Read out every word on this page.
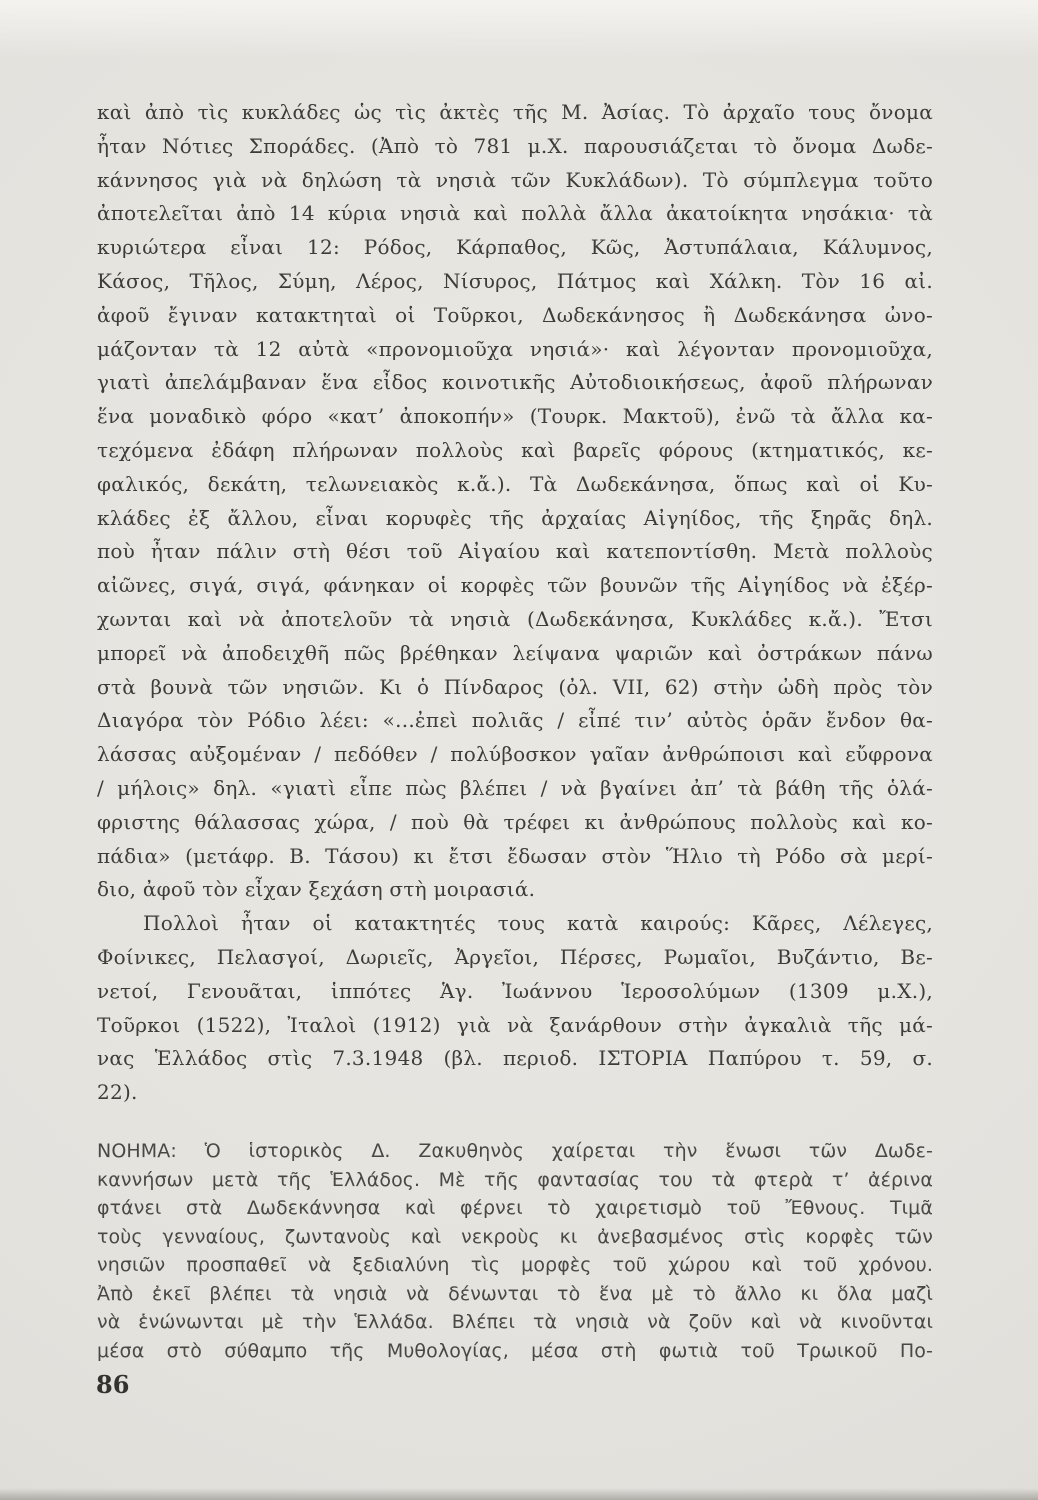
καὶ ἀπὸ τὶς κυκλάδες ὡς τὶς ἀκτὲς τῆς Μ. Ἀσίας. Τὸ ἀρχαῖο τους ὄνομα
ἦταν Νότιες Σποράδες. (Ἀπὸ τὸ 781 μ.Χ. παρουσιάζεται τὸ ὄνομα Δωδε-
κάννησος γιὰ νὰ δηλώση τὰ νησιὰ τῶν Κυκλάδων). Τὸ σύμπλεγμα τοῦτο
ἀποτελεῖται ἀπὸ 14 κύρια νησιὰ καὶ πολλὰ ἄλλα ἀκατοίκητα νησάκια· τὰ
κυριώτερα εἶναι 12: Ρόδος, Κάρπαθος, Κῶς, Ἀστυπάλαια, Κάλυμνος,
Κάσος, Τῆλος, Σύμη, Λέρος, Νίσυρος, Πάτμος καὶ Χάλκη. Τὸν 16 αἰ.
ἀφοῦ ἔγιναν κατακτηταὶ οἱ Τοῦρκοι, Δωδεκάνησος ἢ Δωδεκάνησα ὠνο-
μάζονταν τὰ 12 αὐτὰ «προνομιοῦχα νησιά»· καὶ λέγονταν προνομιοῦχα,
γιατὶ ἀπελάμβαναν ἕνα εἶδος κοινοτικῆς Αὐτοδιοικήσεως, ἀφοῦ πλήρωναν
ἕνα μοναδικὸ φόρο «κατ’ ἀποκοπήν» (Τουρκ. Μακτοῦ), ἐνῶ τὰ ἄλλα κα-
τεχόμενα ἐδάφη πλήρωναν πολλοὺς καὶ βαρεῖς φόρους (κτηματικός, κε-
φαλικός, δεκάτη, τελωνειακὸς κ.ἄ.). Τὰ Δωδεκάνησα, ὅπως καὶ οἱ Κυ-
κλάδες ἐξ ἄλλου, εἶναι κορυφὲς τῆς ἀρχαίας Αἰγηίδος, τῆς ξηρᾶς δηλ.
ποὺ ἦταν πάλιν στὴ θέσι τοῦ Αἰγαίου καὶ κατεποντίσθη. Μετὰ πολλοὺς
αἰῶνες, σιγά, σιγά, φάνηκαν οἱ κορφὲς τῶν βουνῶν τῆς Αἰγηίδος νὰ ἐξέρ-
χωνται καὶ νὰ ἀποτελοῦν τὰ νησιὰ (Δωδεκάνησα, Κυκλάδες κ.ἄ.). Ἔτσι
μπορεῖ νὰ ἀποδειχθῆ πῶς βρέθηκαν λείψανα ψαριῶν καὶ ὀστράκων πάνω
στὰ βουνὰ τῶν νησιῶν. Κι ὁ Πίνδαρος (ὀλ. VII, 62) στὴν ὠδὴ πρὸς τὸν
Διαγόρα τὸν Ρόδιο λέει: «...ἐπεὶ πολιᾶς / εἶπέ τιν’ αὐτὸς ὁρᾶν ἔνδον θα-
λάσσας αὐξομέναν / πεδόθεν / πολύβοσκον γαῖαν ἀνθρώποισι καὶ εὔφρονα
/ μήλοις» δηλ. «γιατὶ εἶπε πὼς βλέπει / νὰ βγαίνει ἀπ’ τὰ βάθη τῆς ὁλά-
φριστης θάλασσας χώρα, / ποὺ θὰ τρέφει κι ἀνθρώπους πολλοὺς καὶ κο-
πάδια» (μετάφρ. Β. Τάσου) κι ἔτσι ἔδωσαν στὸν Ἥλιο τὴ Ρόδο σὰ μερί-
διο, ἀφοῦ τὸν εἶχαν ξεχάση στὴ μοιρασιά.
Πολλοὶ ἦταν οἱ κατακτητές τους κατὰ καιρούς: Κᾶρες, Λέλεγες,
Φοίνικες, Πελασγοί, Δωριεῖς, Ἀργεῖοι, Πέρσες, Ρωμαῖοι, Βυζάντιο, Βε-
νετοί, Γενουᾶται, ἱππότες Ἁγ. Ἰωάννου Ἱεροσολύμων (1309 μ.Χ.),
Τοῦρκοι (1522), Ἰταλοὶ (1912) γιὰ νὰ ξανάρθουν στὴν ἀγκαλιὰ τῆς μά-
νας Ἑλλάδος στὶς 7.3.1948 (βλ. περιοδ. ΙΣΤΟΡΙΑ Παπύρου τ. 59, σ.
22).
ΝΟΗΜΑ: Ὁ ἱστορικὸς Δ. Ζακυθηνὸς χαίρεται τὴν ἕνωσι τῶν Δωδε-
καννήσων μετὰ τῆς Ἑλλάδος. Μὲ τῆς φαντασίας του τὰ φτερὰ τ’ ἀέρινα
φτάνει στὰ Δωδεκάννησα καὶ φέρνει τὸ χαιρετισμὸ τοῦ Ἔθνους. Τιμᾶ
τοὺς γενναίους, ζωντανοὺς καὶ νεκροὺς κι ἀνεβασμένος στὶς κορφὲς τῶν
νησιῶν προσπαθεῖ νὰ ξεδιαλύνη τὶς μορφὲς τοῦ χώρου καὶ τοῦ χρόνου.
Ἀπὸ ἐκεῖ βλέπει τὰ νησιὰ νὰ δένωνται τὸ ἕνα μὲ τὸ ἄλλο κι ὅλα μαζὶ
νὰ ἑνώνωνται μὲ τὴν Ἑλλάδα. Βλέπει τὰ νησιὰ νὰ ζοῦν καὶ νὰ κινοῦνται
μέσα στὸ σύθαμπο τῆς Μυθολογίας, μέσα στὴ φωτιὰ τοῦ Τρωικοῦ Πο-
86
